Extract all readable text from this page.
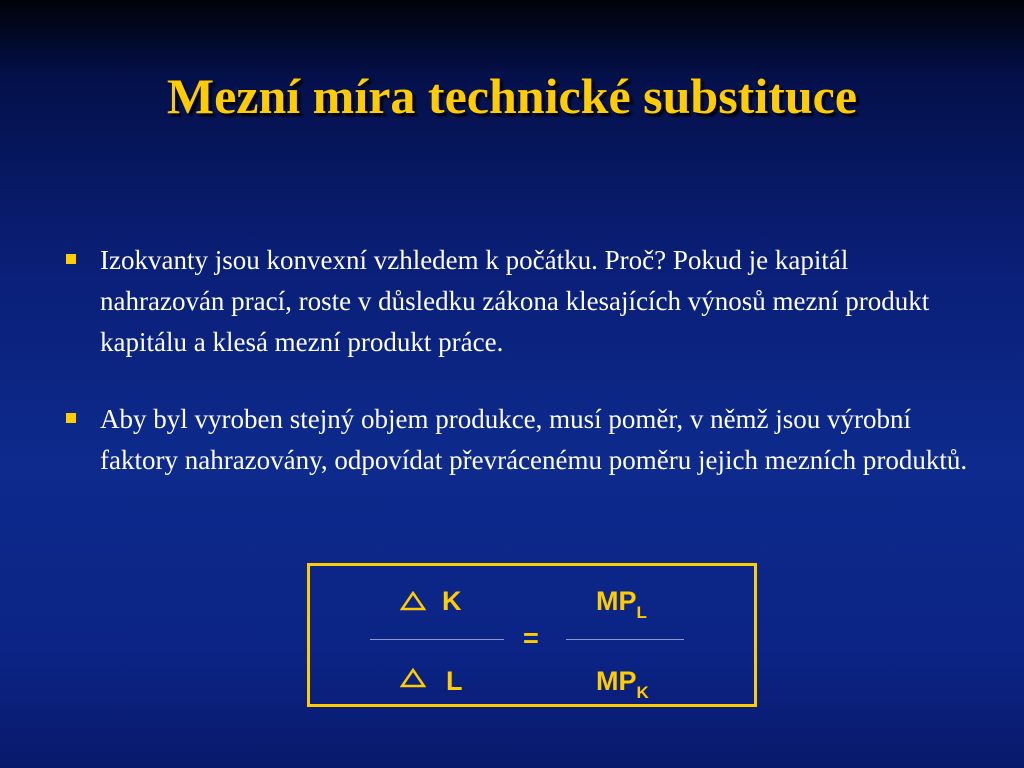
Mezní míra technické substituce
Izokvanty jsou konvexní vzhledem k počátku. Proč? Pokud je kapitál nahrazován prací, roste v důsledku zákona klesajících výnosů mezní produkt kapitálu a klesá mezní produkt práce.
Aby byl vyroben stejný objem produkce, musí poměr, v němž jsou výrobní faktory nahrazovány, odpovídat převrácenému poměru jejich mezních produktů.
K	$MP_L$
=
L	$MP_K$
